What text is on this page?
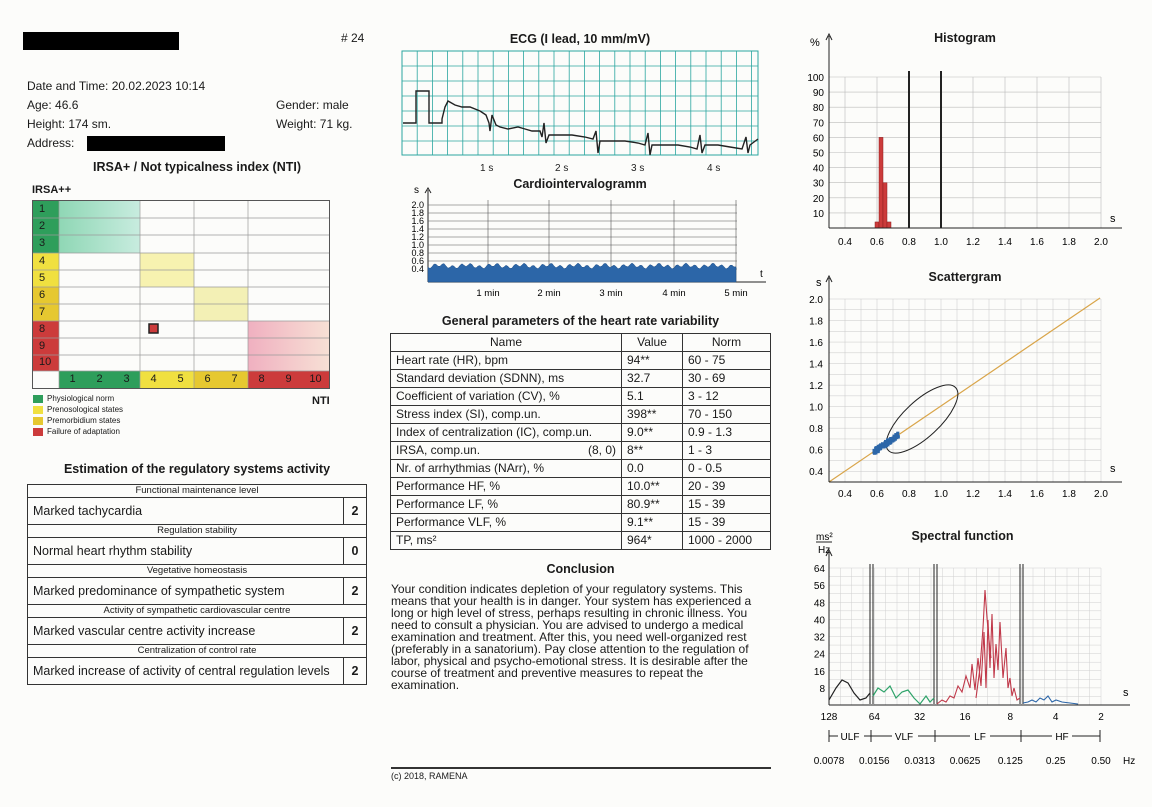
# 24
Date and Time: 20.02.2023 10:14
Age: 46.6	Gender: male
Height: 174 sm.	Weight: 71 kg.
Address:
IRSA+ / Not typicalness index (NTI)
IRSA++
1
2
3
4
5
6
7
8
9
10
1	2	3	4	5	6	7	8	9	10
NTI
Physiological norm
Prenosological states
Premorbidium states
Failure of adaptation
Estimation of the regulatory systems activity
Functional maintenance level
Marked tachycardia	2
Regulation stability
Normal heart rhythm stability	0
Vegetative homeostasis
Marked predominance of sympathetic system	2
Activity of sympathetic cardiovascular centre
Marked vascular centre activity increase	2
Centralization of control rate
Marked increase of activity of central regulation levels	2
ECG (I lead, 10 mm/mV)
1 s	2 s	3 s	4 s
Cardiointervalogramm
s
t
2.0
1.8
1.6
1.4
1.2
1.0
0.8
0.6
0.4
1 min	2 min	3 min	4 min	5 min
General parameters of the heart rate variability
Name	Value	Norm
Heart rate (HR), bpm	94**	60 - 75
Standard deviation (SDNN), ms	32.7	30 - 69
Coefficient of variation (CV), %	5.1	3 - 12
Stress index (SI), comp.un.	398**	70 - 150
Index of centralization (IC), comp.un.	9.0**	0.9 - 1.3
IRSA, comp.un. (8, 0)	8**	1 - 3
Nr. of arrhythmias (NArr), %	0.0	0 - 0.5
Performance HF, %	10.0**	20 - 39
Performance LF, %	80.9**	15 - 39
Performance VLF, %	9.1**	15 - 39
TP, ms²	964*	1000 - 2000
Conclusion
Your condition indicates depletion of your regulatory systems. This means that your health is in danger. Your system has experienced a long or high level of stress, perhaps resulting in chronic illness. You need to consult a physician. You are advised to undergo a medical examination and treatment. After this, you need well-organized rest (preferably in a sanatorium). Pay close attention to the regulation of labor, physical and psycho-emotional stress. It is desirable after the course of treatment and preventive measures to repeat the examination.
(c) 2018, RAMENA
Histogram
%
s
10
20
30
40
50
60
70
80
90
100
0.4 0.6 0.8 1.0 1.2 1.4 1.6 1.8 2.0
Scattergram
s
s
0.4
0.6
0.8
1.0
1.2
1.4
1.6
1.8
2.0
0.4 0.6 0.8 1.0 1.2 1.4 1.6 1.8 2.0
Spectral function
ms²
Hz
s
8
16
24
32
40
48
56
64
128	64	32	16	8	4	2
ULF	VLF	LF	HF
0.0078 0.0156 0.0313 0.0625 0.125 0.25	0.50 Hz
